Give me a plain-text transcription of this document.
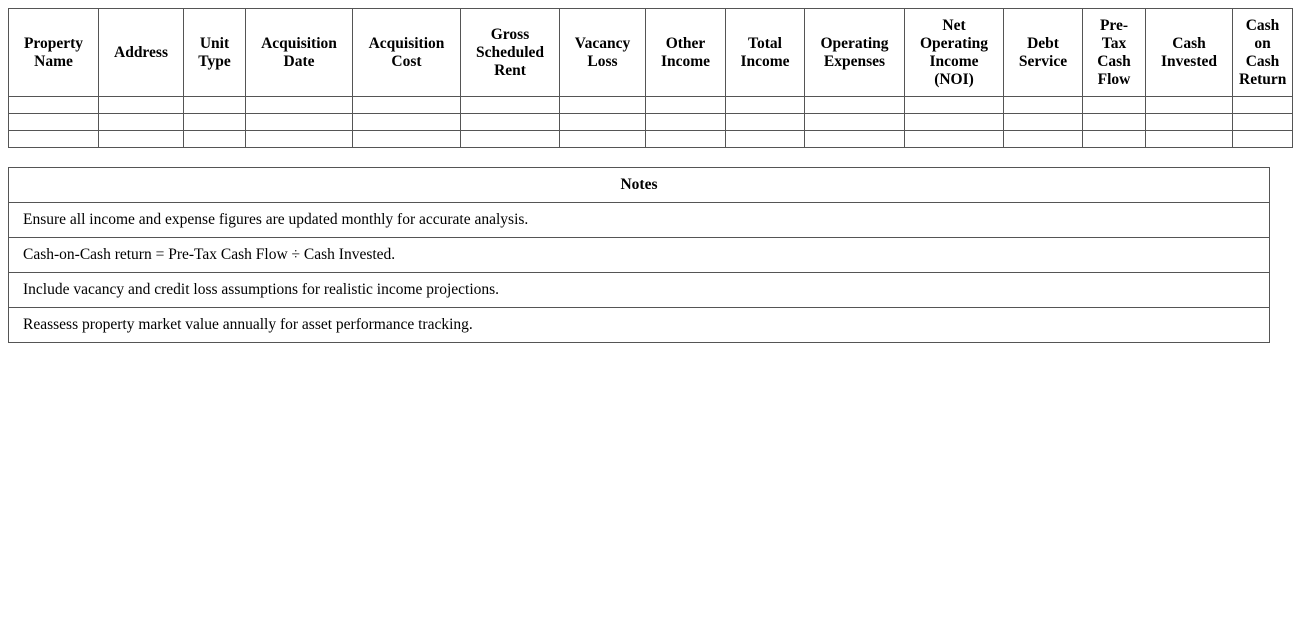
Property Name	Address	Unit Type	Acquisition Date	Acquisition Cost	Gross Scheduled Rent	Vacancy Loss	Other Income	Total Income	Operating Expenses	Net Operating Income (NOI)	Debt Service	Pre-Tax Cash Flow	Cash Invested	Cash on Cash Return

Notes
Ensure all income and expense figures are updated monthly for accurate analysis.
Cash-on-Cash return = Pre-Tax Cash Flow ÷ Cash Invested.
Include vacancy and credit loss assumptions for realistic income projections.
Reassess property market value annually for asset performance tracking.
